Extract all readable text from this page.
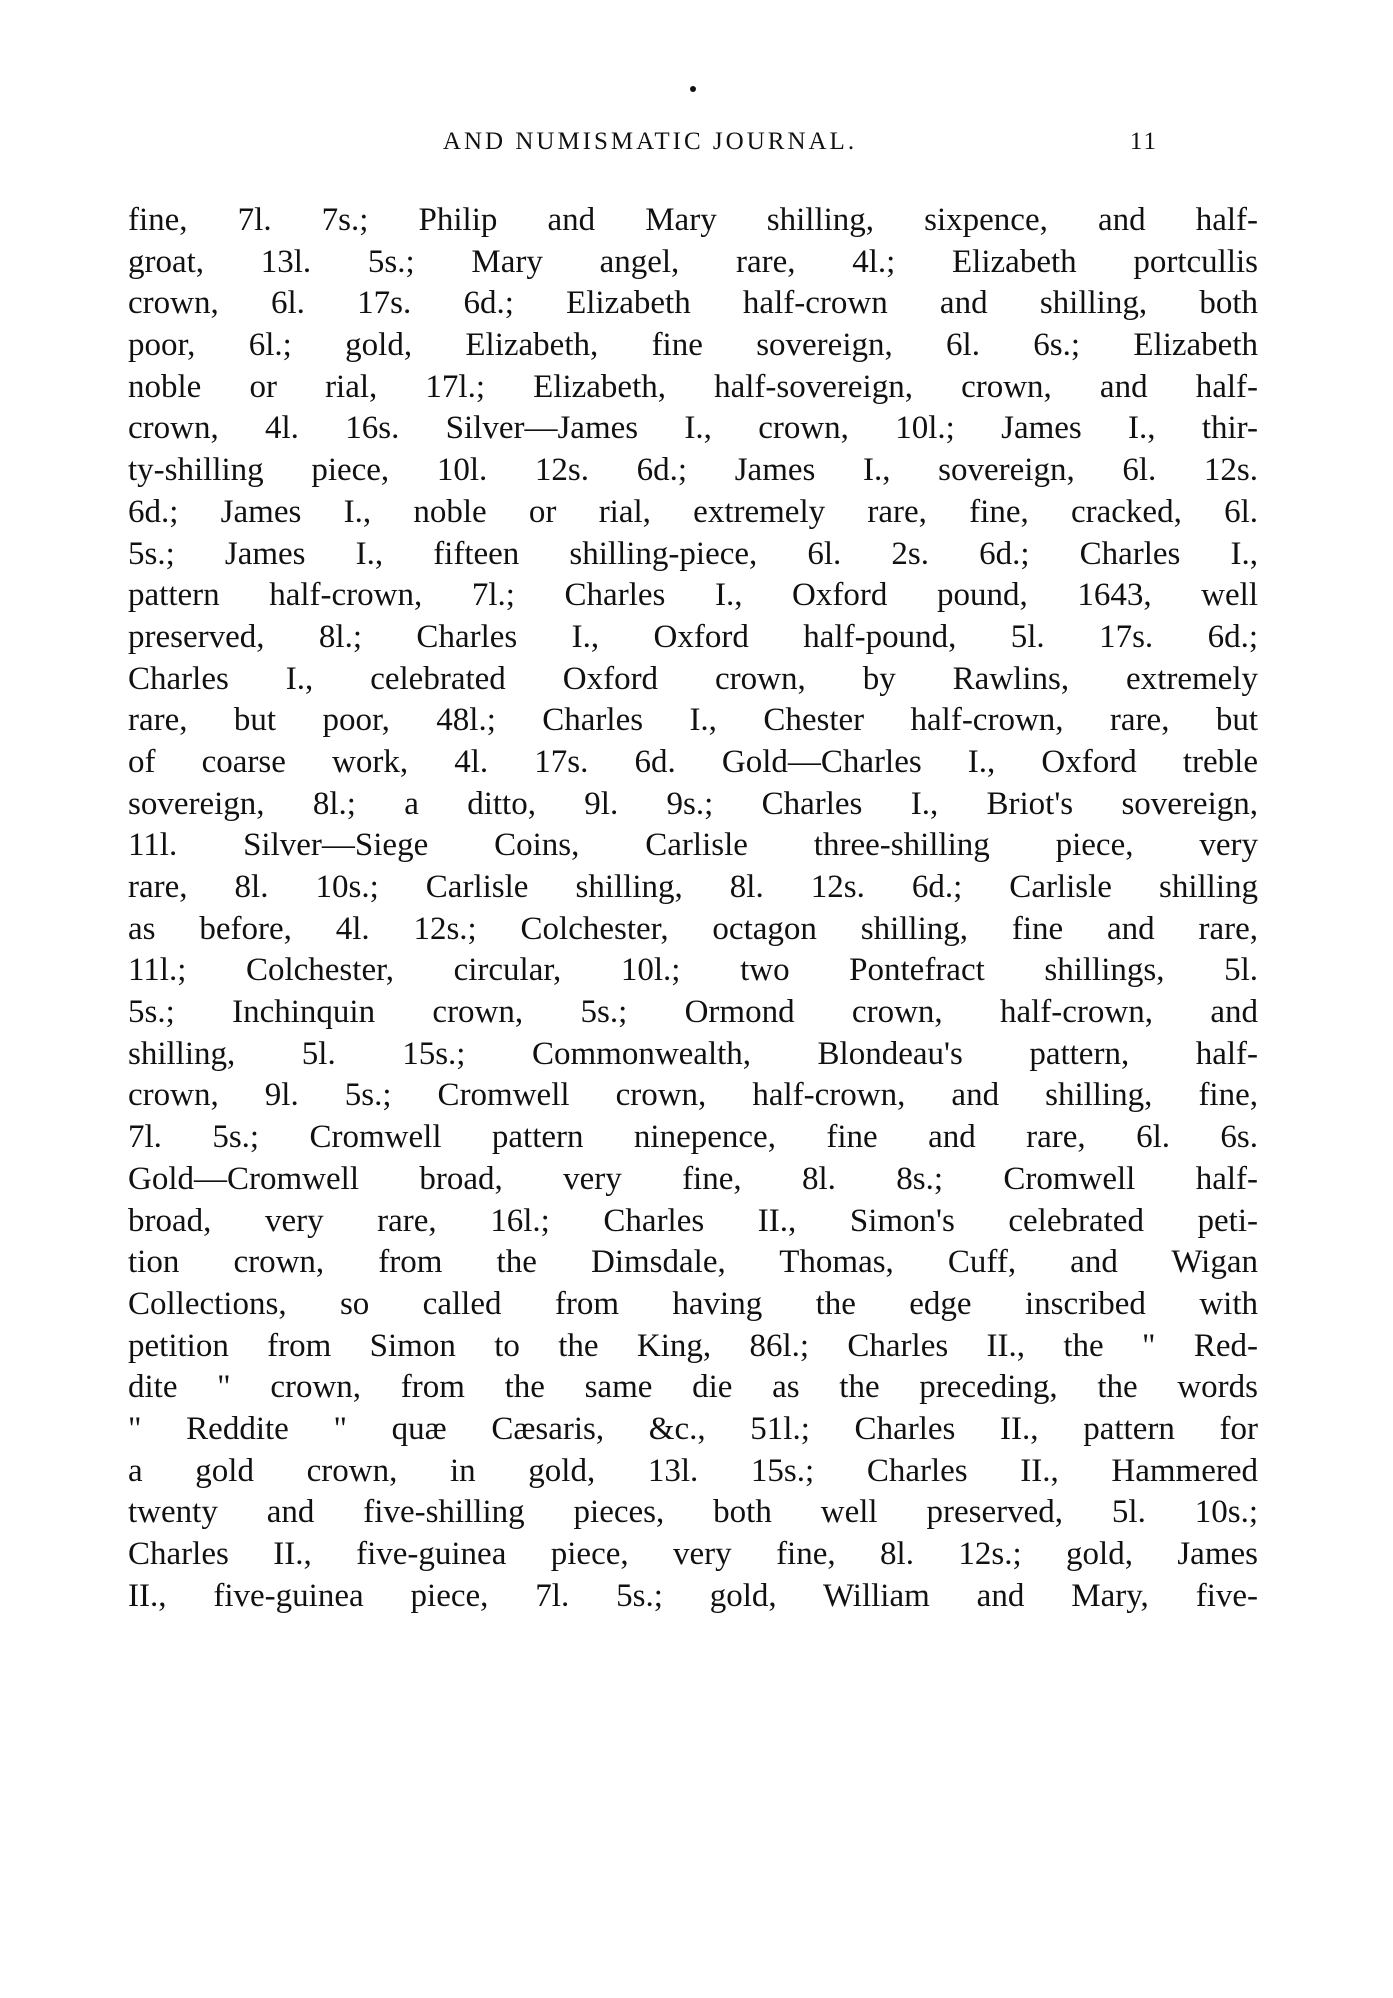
AND NUMISMATIC JOURNAL.	11
fine, 7l. 7s.; Philip and Mary shilling, sixpence, and half-
groat, 13l. 5s.; Mary angel, rare, 4l.; Elizabeth portcullis
crown, 6l. 17s. 6d.; Elizabeth half-crown and shilling, both
poor, 6l.; gold, Elizabeth, fine sovereign, 6l. 6s.; Elizabeth
noble or rial, 17l.; Elizabeth, half-sovereign, crown, and half-
crown, 4l. 16s. Silver—James I., crown, 10l.; James I., thir-
ty-shilling piece, 10l. 12s. 6d.; James I., sovereign, 6l. 12s.
6d.; James I., noble or rial, extremely rare, fine, cracked, 6l.
5s.; James I., fifteen shilling-piece, 6l. 2s. 6d.; Charles I.,
pattern half-crown, 7l.; Charles I., Oxford pound, 1643, well
preserved, 8l.; Charles I., Oxford half-pound, 5l. 17s. 6d.;
Charles I., celebrated Oxford crown, by Rawlins, extremely
rare, but poor, 48l.; Charles I., Chester half-crown, rare, but
of coarse work, 4l. 17s. 6d. Gold—Charles I., Oxford treble
sovereign, 8l.; a ditto, 9l. 9s.; Charles I., Briot's sovereign,
11l. Silver—Siege Coins, Carlisle three-shilling piece, very
rare, 8l. 10s.; Carlisle shilling, 8l. 12s. 6d.; Carlisle shilling
as before, 4l. 12s.; Colchester, octagon shilling, fine and rare,
11l.; Colchester, circular, 10l.; two Pontefract shillings, 5l.
5s.; Inchinquin crown, 5s.; Ormond crown, half-crown, and
shilling, 5l. 15s.; Commonwealth, Blondeau's pattern, half-
crown, 9l. 5s.; Cromwell crown, half-crown, and shilling, fine,
7l. 5s.; Cromwell pattern ninepence, fine and rare, 6l. 6s.
Gold—Cromwell broad, very fine, 8l. 8s.; Cromwell half-
broad, very rare, 16l.; Charles II., Simon's celebrated peti-
tion crown, from the Dimsdale, Thomas, Cuff, and Wigan
Collections, so called from having the edge inscribed with
petition from Simon to the King, 86l.; Charles II., the " Red-
dite " crown, from the same die as the preceding, the words
" Reddite " quæ Cæsaris, &c., 51l.; Charles II., pattern for
a gold crown, in gold, 13l. 15s.; Charles II., Hammered
twenty and five-shilling pieces, both well preserved, 5l. 10s.;
Charles II., five-guinea piece, very fine, 8l. 12s.; gold, James
II., five-guinea piece, 7l. 5s.; gold, William and Mary, five-
